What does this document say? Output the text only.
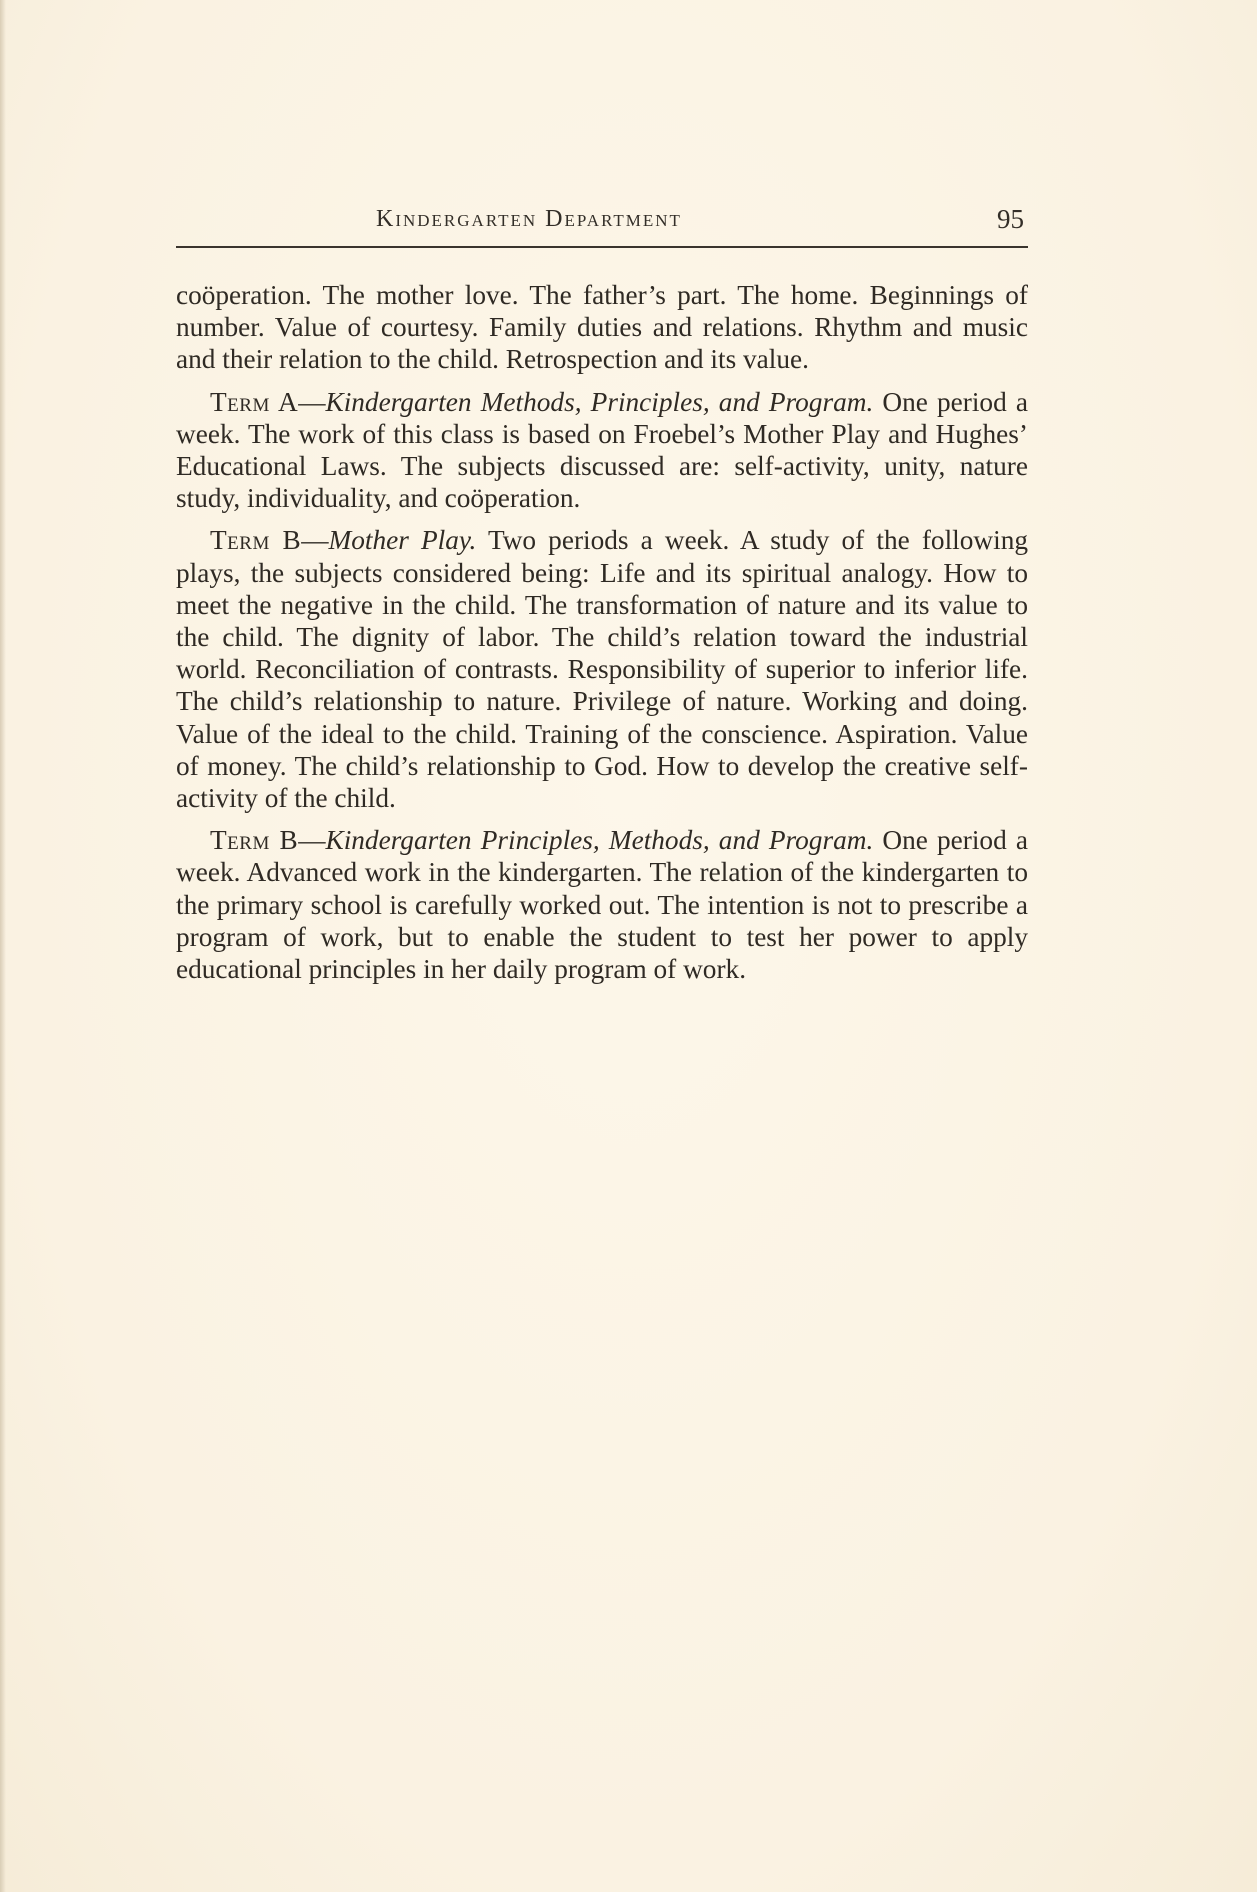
Kindergarten Department	95

coöperation. The mother love. The father’s part. The home. Beginnings of number. Value of courtesy. Family duties and relations. Rhythm and music and their relation to the child. Retrospection and its value.

Term A—Kindergarten Methods, Principles, and Program. One period a week. The work of this class is based on Froebel’s Mother Play and Hughes’ Educational Laws. The subjects discussed are: self-activity, unity, nature study, individuality, and coöperation.

Term B—Mother Play. Two periods a week. A study of the following plays, the subjects considered being: Life and its spiritual analogy. How to meet the negative in the child. The transformation of nature and its value to the child. The dignity of labor. The child’s relation toward the industrial world. Reconciliation of contrasts. Responsibility of superior to inferior life. The child’s relationship to nature. Privilege of nature. Working and doing. Value of the ideal to the child. Training of the conscience. Aspiration. Value of money. The child’s relationship to God. How to develop the creative self-activity of the child.

Term B—Kindergarten Principles, Methods, and Program. One period a week. Advanced work in the kindergarten. The relation of the kindergarten to the primary school is carefully worked out. The intention is not to prescribe a program of work, but to enable the student to test her power to apply educational principles in her daily program of work.
